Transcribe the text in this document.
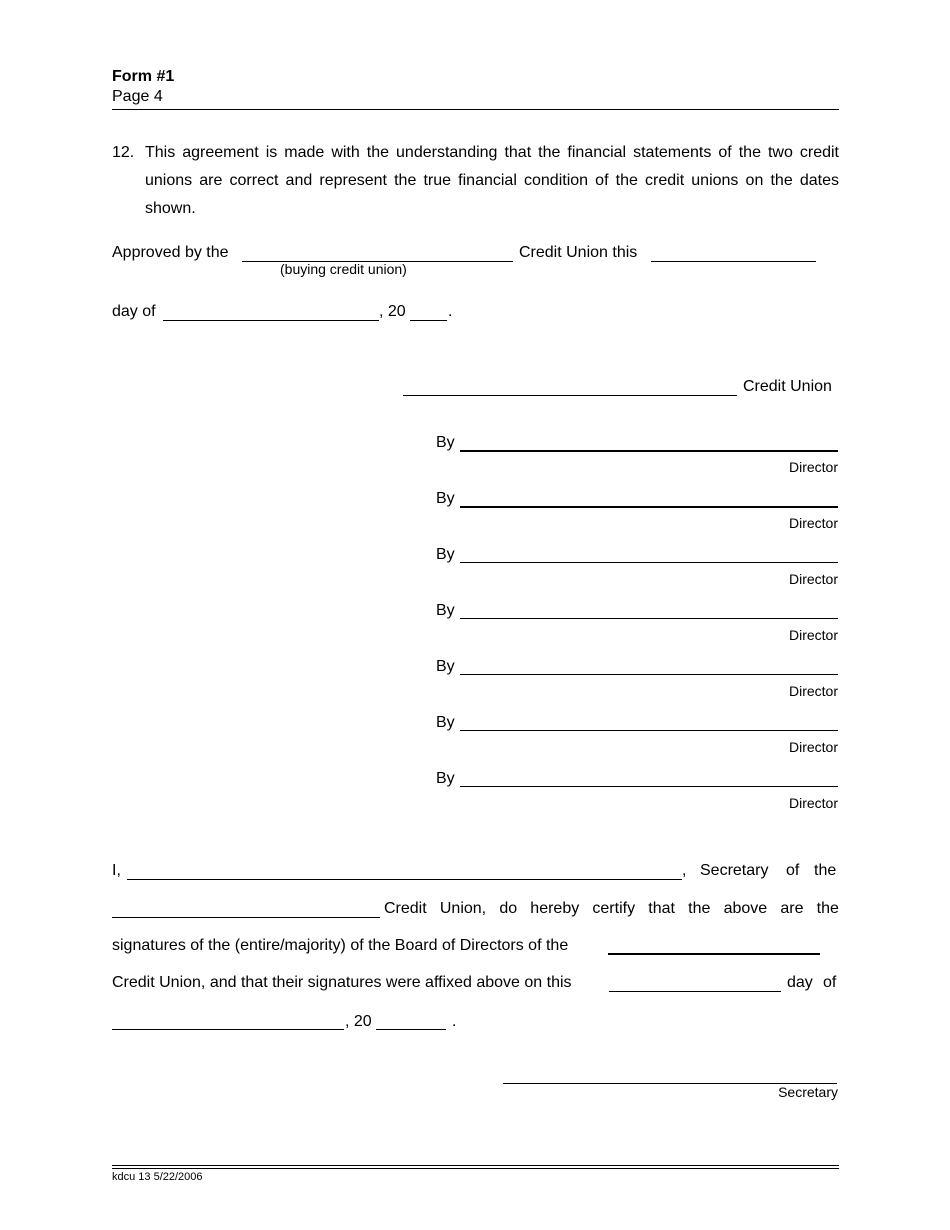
Form #1
Page 4
12. This agreement is made with the understanding that the financial statements of the two credit unions are correct and represent the true financial condition of the credit unions on the dates shown.
Approved by the
(buying credit union)
Credit Union this
day of	, 20	.
Credit Union
By
Director
By
Director
By
Director
By
Director
By
Director
By
Director
By
Director
I,	, Secretary of the
Credit Union, do hereby certify that the above are the
signatures of the (entire/majority) of the Board of Directors of the
Credit Union, and that their signatures were affixed above on this	day of
, 20	.
Secretary
kdcu 13 5/22/2006
